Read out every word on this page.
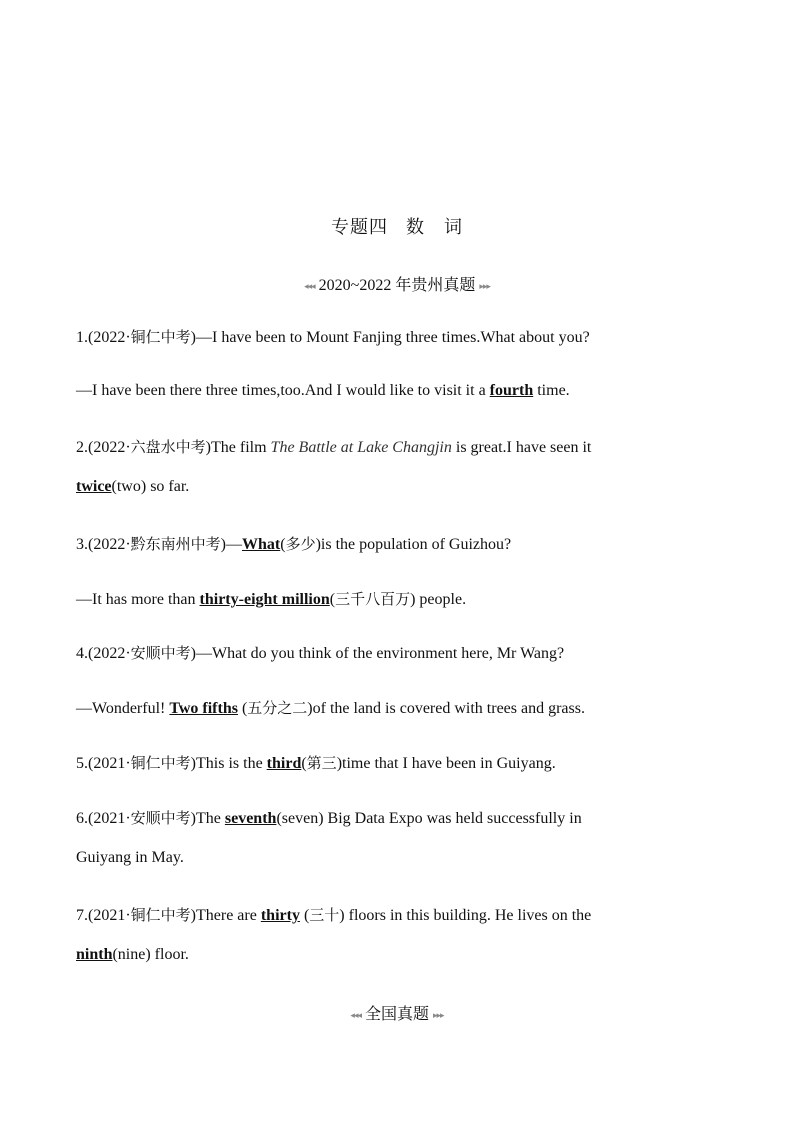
专题四 数　词
◂◂◂ 2020~2022 年贵州真题 ▸▸▸
1.(2022·铜仁中考)—I have been to Mount Fanjing three times.What about you?
—I have been there three times,too.And I would like to visit it a fourth time.
2.(2022·六盘水中考)The film The Battle at Lake Changjin is great.I have seen it
twice(two) so far.
3.(2022·黔东南州中考)—What(多少)is the population of Guizhou?
—It has more than thirty-eight million(三千八百万) people.
4.(2022·安顺中考)—What do you think of the environment here, Mr Wang?
—Wonderful! Two fifths (五分之二)of the land is covered with trees and grass.
5.(2021·铜仁中考)This is the third(第三)time that I have been in Guiyang.
6.(2021·安顺中考)The seventh(seven) Big Data Expo was held successfully in
Guiyang in May.
7.(2021·铜仁中考)There are thirty (三十) floors in this building. He lives on the
ninth(nine) floor.
◂◂◂ 全国真题 ▸▸▸
